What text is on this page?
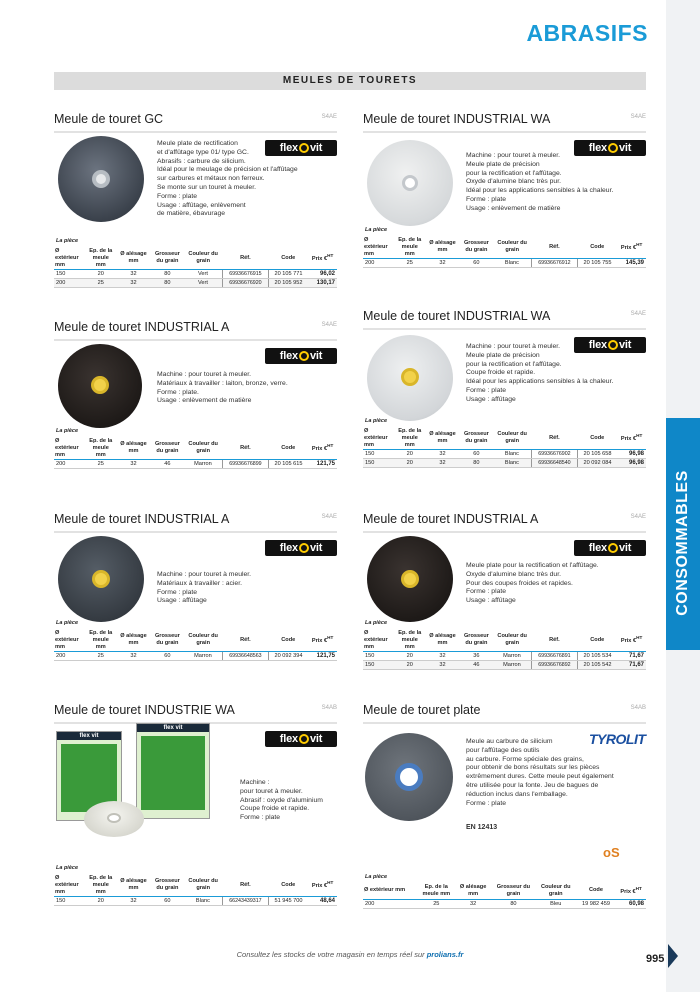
CONSOMMABLES
ABRASIFS
MEULES DE TOURETS
Meule de touret GC	S4AE
flex vit
Meule plate de rectification
et d'affûtage type 01/ type GC.
Abrasifs : carbure de silicium.
Idéal pour le meulage de précision et l'affûtage
sur carbures et métaux non ferreux.
Se monte sur un touret à meuler.
Forme : plate
Usage : affûtage, enlèvement
de matière, ébavurage
La pièce
Ø
extérieur
mm	Ep. de la
meule
mm	Ø alésage
mm	Grosseur
du grain	Couleur du
grain	Réf.	Code	Prix €$^{HT}$
150	20	32	80	Vert	69936676915	20 105 771	96,02
200	25	32	80	Vert	69936676920	20 105 952	130,17
Meule de touret INDUSTRIAL WA	S4AE
flex vit
Machine : pour touret à meuler.
Meule plate de précision
pour la rectification et l'affûtage.
Oxyde d'alumine blanc très pur.
Idéal pour les applications sensibles à la chaleur.
Forme : plate
Usage : enlèvement de matière
La pièce
Ø
extérieur
mm	Ep. de la
meule
mm	Ø alésage
mm	Grosseur
du grain	Couleur du
grain	Réf.	Code	Prix €$^{HT}$
200	25	32	60	Blanc	69936676912	20 105 755	145,39
Meule de touret INDUSTRIAL A	S4AE
flex vit
Machine : pour touret à meuler.
Matériaux à travailler : laiton, bronze, verre.
Forme : plate.
Usage : enlèvement de matière
La pièce
Ø
extérieur
mm	Ep. de la
meule
mm	Ø alésage
mm	Grosseur
du grain	Couleur du
grain	Réf.	Code	Prix €$^{HT}$
200	25	32	46	Marron	69936676899	20 105 615	121,75
Meule de touret INDUSTRIAL WA	S4AE
flex vit
Machine : pour touret à meuler.
Meule plate de précision
pour la rectification et l'affûtage.
Coupe froide et rapide.
Idéal pour les applications sensibles à la chaleur.
Forme : plate
Usage : affûtage
La pièce
Ø
extérieur
mm	Ep. de la
meule
mm	Ø alésage
mm	Grosseur
du grain	Couleur du
grain	Réf.	Code	Prix €$^{HT}$
150	20	32	60	Blanc	69936676902	20 105 658	96,98
150	20	32	80	Blanc	69936648540	20 092 084	96,98
Meule de touret INDUSTRIAL A	S4AE
flex vit
Machine : pour touret à meuler.
Matériaux à travailler : acier.
Forme : plate
Usage : affûtage
La pièce
Ø
extérieur
mm	Ep. de la
meule
mm	Ø alésage
mm	Grosseur
du grain	Couleur du
grain	Réf.	Code	Prix €$^{HT}$
200	25	32	60	Marron	69936648563	20 092 394	121,75
Meule de touret INDUSTRIAL A	S4AE
flex vit
Meule plate pour la rectification et l'affûtage.
Oxyde d'alumine blanc très dur.
Pour des coupes froides et rapides.
Forme : plate
Usage : affûtage
La pièce
Ø
extérieur
mm	Ep. de la
meule
mm	Ø alésage
mm	Grosseur
du grain	Couleur du
grain	Réf.	Code	Prix €$^{HT}$
150	20	32	36	Marron	69936676891	20 105 534	71,67
150	20	32	46	Marron	69936676892	20 105 542	71,67
Meule de touret INDUSTRIE WA	S4AB
flex vit
flex vit
flex vit
Machine :
pour touret à meuler.
Abrasif : oxyde d'aluminium
Coupe froide et rapide.
Forme : plate
La pièce
Ø
extérieur
mm	Ep. de la
meule
mm	Ø alésage
mm	Grosseur
du grain	Couleur du
grain	Réf.	Code	Prix €$^{HT}$
150	20	32	60	Blanc	66243439317	51 945 700	48,64
Meule de touret plate	S4AB
TYROLIT
Meule au carbure de silicium
pour l'affûtage des outils
au carbure. Forme spéciale des grains,
pour obtenir de bons résultats sur les pièces
extrêmement dures. Cette meule peut également
être utilisée pour la fonte. Jeu de bagues de
réduction inclus dans l'emballage.
Forme : plate
EN 12413
oS
La pièce
Ø extérieur mm	Ep. de la
meule mm	Ø alésage
mm	Grosseur du
grain	Couleur du
grain	Code	Prix €$^{HT}$
200	25	32	80	Bleu	19 982 459	60,98
Consultez les stocks de votre magasin en temps réel sur prolians.fr	995
